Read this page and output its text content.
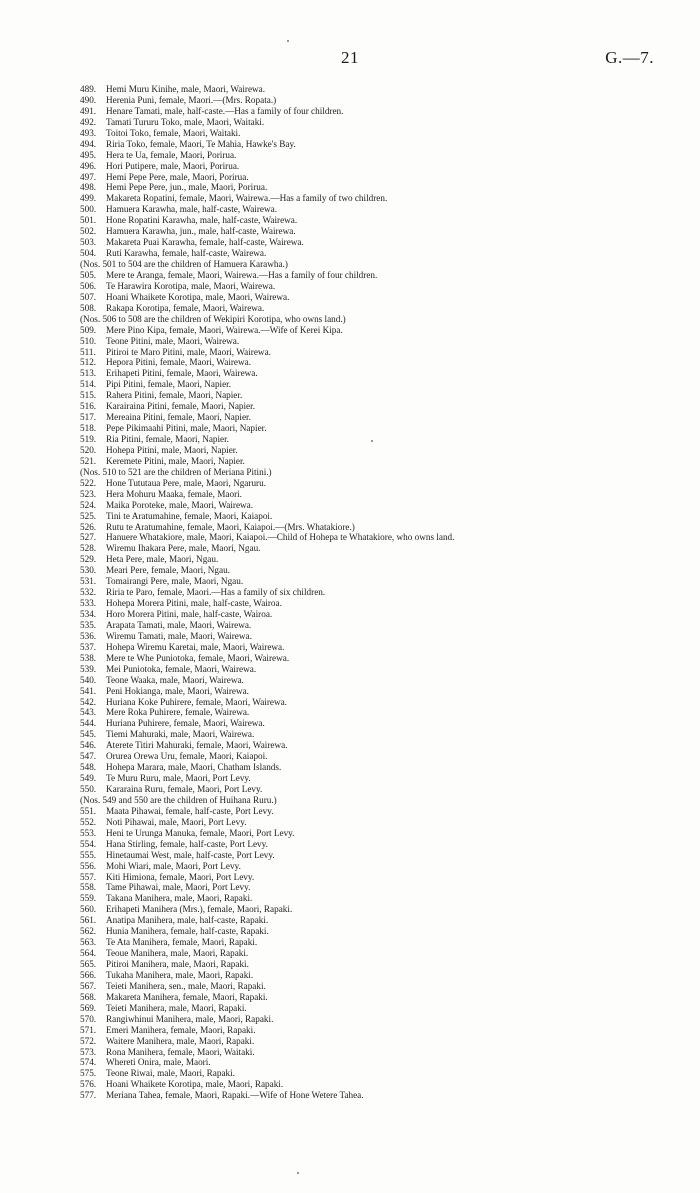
21	G.—7.
489. Hemi Muru Kinihe, male, Maori, Wairewa.
490. Herenia Puni, female, Maori.—(Mrs. Ropata.)
491. Henare Tamati, male, half-caste.—Has a family of four children.
492. Tamati Tururu Toko, male, Maori, Waitaki.
493. Toitoi Toko, female, Maori, Waitaki.
494. Riria Toko, female, Maori, Te Mahia, Hawke's Bay.
495. Hera te Ua, female, Maori, Porirua.
496. Hori Putipere, male, Maori, Porirua.
497. Hemi Pepe Pere, male, Maori, Porirua.
498. Hemi Pepe Pere, jun., male, Maori, Porirua.
499. Makareta Ropatini, female, Maori, Wairewa.—Has a family of two children.
500. Hamuera Karawha, male, half-caste, Wairewa.
501. Hone Ropatini Karawha, male, half-caste, Wairewa.
502. Hamuera Karawha, jun., male, half-caste, Wairewa.
503. Makareta Puai Karawha, female, half-caste, Wairewa.
504. Ruti Karawha, female, half-caste, Wairewa.
(Nos. 501 to 504 are the children of Hamuera Karawha.)
505. Mere te Aranga, female, Maori, Wairewa.—Has a family of four children.
506. Te Harawira Korotipa, male, Maori, Wairewa.
507. Hoani Whaikete Korotipa, male, Maori, Wairewa.
508. Rakapa Korotipa, female, Maori, Wairewa.
(Nos. 506 to 508 are the children of Wekipiri Korotipa, who owns land.)
509. Mere Pino Kipa, female, Maori, Wairewa.—Wife of Kerei Kipa.
510. Teone Pitini, male, Maori, Wairewa.
511. Pitiroi te Maro Pitini, male, Maori, Wairewa.
512. Hepora Pitini, female, Maori, Wairewa.
513. Erihapeti Pitini, female, Maori, Wairewa.
514. Pipi Pitini, female, Maori, Napier.
515. Rahera Pitini, female, Maori, Napier.
516. Karairaina Pitini, female, Maori, Napier.
517. Mereaina Pitini, female, Maori, Napier.
518. Pepe Pikimaahi Pitini, male, Maori, Napier.
519. Ria Pitini, female, Maori, Napier.
520. Hohepa Pitini, male, Maori, Napier.
521. Keremete Pitini, male, Maori, Napier.
(Nos. 510 to 521 are the children of Meriana Pitini.)
522. Hone Tututaua Pere, male, Maori, Ngaruru.
523. Hera Mohuru Maaka, female, Maori.
524. Maika Poroteke, male, Maori, Wairewa.
525. Tini te Aratumahine, female, Maori, Kaiapoi.
526. Rutu te Aratumahine, female, Maori, Kaiapoi.—(Mrs. Whatakiore.)
527. Hanuere Whatakiore, male, Maori, Kaiapoi.—Child of Hohepa te Whatakiore, who owns land.
528. Wiremu Ihakara Pere, male, Maori, Ngau.
529. Heta Pere, male, Maori, Ngau.
530. Meari Pere, female, Maori, Ngau.
531. Tomairangi Pere, male, Maori, Ngau.
532. Riria te Paro, female, Maori.—Has a family of six children.
533. Hohepa Morera Pitini, male, half-caste, Wairoa.
534. Horo Morera Pitini, male, half-caste, Wairoa.
535. Arapata Tamati, male, Maori, Wairewa.
536. Wiremu Tamati, male, Maori, Wairewa.
537. Hohepa Wiremu Karetai, male, Maori, Wairewa.
538. Mere te Whe Puniotoka, female, Maori, Wairewa.
539. Mei Puniotoka, female, Maori, Wairewa.
540. Teone Waaka, male, Maori, Wairewa.
541. Peni Hokianga, male, Maori, Wairewa.
542. Huriana Koke Puhirere, female, Maori, Wairewa.
543. Mere Roka Puhirere, female, Wairewa.
544. Huriana Puhirere, female, Maori, Wairewa.
545. Tiemi Mahuraki, male, Maori, Wairewa.
546. Aterete Titiri Mahuraki, female, Maori, Wairewa.
547. Orurea Orewa Uru, female, Maori, Kaiapoi.
548. Hohepa Marara, male, Maori, Chatham Islands.
549. Te Muru Ruru, male, Maori, Port Levy.
550. Kararaina Ruru, female, Maori, Port Levy.
(Nos. 549 and 550 are the children of Huihana Ruru.)
551. Maata Pihawai, female, half-caste, Port Levy.
552. Noti Pihawai, male, Maori, Port Levy.
553. Heni te Urunga Manuka, female, Maori, Port Levy.
554. Hana Stirling, female, half-caste, Port Levy.
555. Hinetaumai West, male, half-caste, Port Levy.
556. Mohi Wiari, male, Maori, Port Levy.
557. Kiti Himiona, female, Maori, Port Levy.
558. Tame Pihawai, male, Maori, Port Levy.
559. Takana Manihera, male, Maori, Rapaki.
560. Erihapeti Manihera (Mrs.), female, Maori, Rapaki.
561. Anatipa Manihera, male, half-caste, Rapaki.
562. Hunia Manihera, female, half-caste, Rapaki.
563. Te Ata Manihera, female, Maori, Rapaki.
564. Teoue Manihera, male, Maori, Rapaki.
565. Pitiroi Manihera, male, Maori, Rapaki.
566. Tukaha Manihera, male, Maori, Rapaki.
567. Teieti Manihera, sen., male, Maori, Rapaki.
568. Makareta Manihera, female, Maori, Rapaki.
569. Teieti Manihera, male, Maori, Rapaki.
570. Rangiwhinui Manihera, male, Maori, Rapaki.
571. Emeri Manihera, female, Maori, Rapaki.
572. Waitere Manihera, male, Maori, Rapaki.
573. Rona Manihera, female, Maori, Waitaki.
574. Whereti Onira, male, Maori.
575. Teone Riwai, male, Maori, Rapaki.
576. Hoani Whaikete Korotipa, male, Maori, Rapaki.
577. Meriana Tahea, female, Maori, Rapaki.—Wife of Hone Wetere Tahea.
